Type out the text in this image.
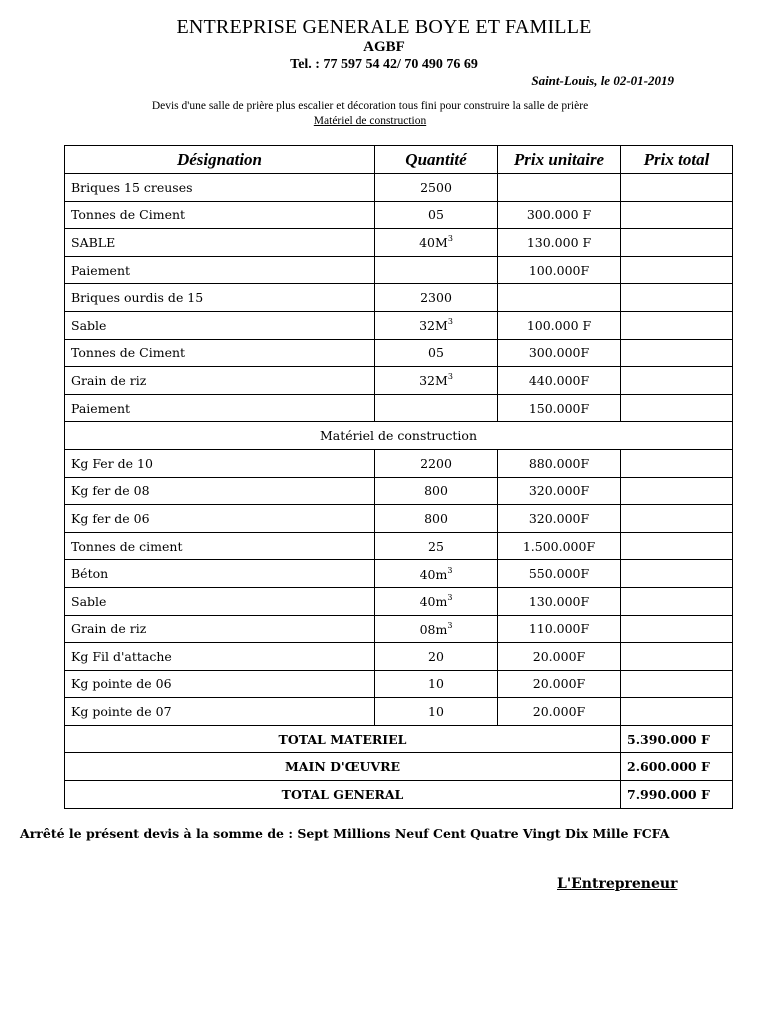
ENTREPRISE GENERALE BOYE ET FAMILLE
AGBF
Tel. : 77 597 54 42/ 70 490 76 69
Saint-Louis, le 02-01-2019
Devis d'une salle de prière plus escalier et décoration tous fini pour construire la salle de prière
Matériel de construction
Désignation	Quantité	Prix unitaire	Prix total
Briques 15 creuses	2500		
Tonnes de Ciment	05	300.000 F	
SABLE	$40M^3$	130.000 F	
Paiement		100.000F	
Briques ourdis de 15	2300		
Sable	$32M^3$	100.000 F	
Tonnes de Ciment	05	300.000F	
Grain de riz	$32M^3$	440.000F	
Paiement		150.000F	
Matériel de construction			
Kg Fer de 10	2200	880.000F	
Kg fer de 08	800	320.000F	
Kg fer de 06	800	320.000F	
Tonnes de ciment	25	1.500.000F	
Béton	$40m^3$	550.000F	
Sable	$40m^3$	130.000F	
Grain de riz	$08m^3$	110.000F	
Kg Fil d'attache	20	20.000F	
Kg pointe de 06	10	20.000F	
Kg pointe de 07	10	20.000F	
TOTAL MATERIEL			5.390.000 F
MAIN D'ŒUVRE			2.600.000 F
TOTAL GENERAL			7.990.000 F
Arrêté le présent devis à la somme de : Sept Millions Neuf Cent Quatre Vingt Dix Mille FCFA
L'Entrepreneur
